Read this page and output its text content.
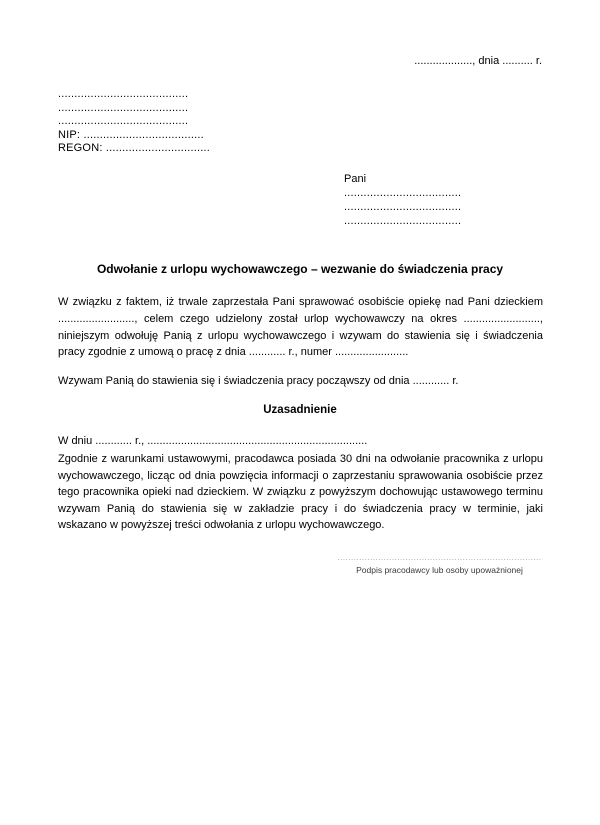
..................., dnia .......... r.
........................................
........................................
........................................
NIP: .....................................
REGON: ................................
Pani
....................................
....................................
....................................
Odwołanie z urlopu wychowawczego – wezwanie do świadczenia pracy

W związku z faktem, iż trwale zaprzestała Pani sprawować osobiście opiekę nad Pani dzieckiem ........................., celem czego udzielony został urlop wychowawczy na okres ........................., niniejszym odwołuję Panią z urlopu wychowawczego i wzywam do stawienia się i świadczenia pracy zgodnie z umową o pracę z dnia ............ r., numer ........................

Wzywam Panią do stawienia się i świadczenia pracy począwszy od dnia ............ r.

Uzasadnienie

W dniu ............ r., ........................................................................

Zgodnie z warunkami ustawowymi, pracodawca posiada 30 dni na odwołanie pracownika z urlopu wychowawczego, licząc od dnia powzięcia informacji o zaprzestaniu sprawowania osobiście przez tego pracownika opieki nad dzieckiem. W związku z powyższym dochowując ustawowego terminu wzywam Panią do stawienia się w zakładzie pracy i do świadczenia pracy w terminie, jaki wskazano w powyższej treści odwołania z urlopu wychowawczego.

...........................................................................
Podpis pracodawcy lub osoby upoważnionej
